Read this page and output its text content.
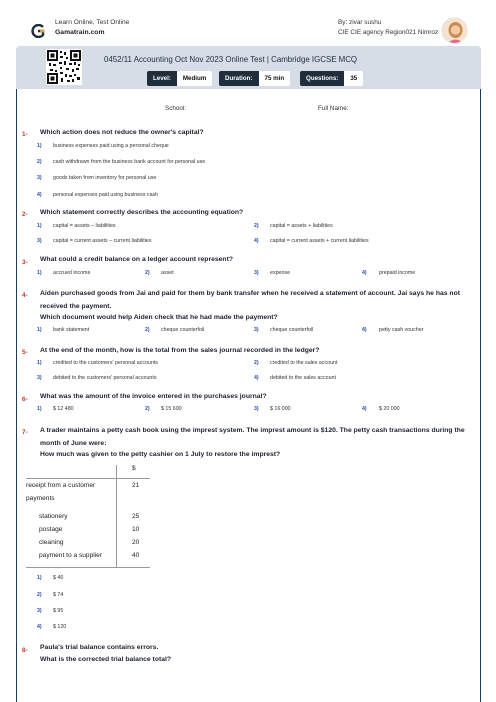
Learn Online, Test Online
Gamatrain.com
By: zivar sushu
CIE CIE agency Region021 Nimroz
0452/11 Accounting Oct Nov 2023 Online Test | Cambridge IGCSE MCQ
Level:	Medium	Duration:	75 min	Questions:	35
School:	Full Name:
1- Which action does not reduce the owner's capital?
1) business expenses paid using a personal cheque
2) cash withdrawn from the business bank account for personal use
3) goods taken from inventory for personal use
4) personal expenses paid using business cash
2- Which statement correctly describes the accounting equation?
1) capital = assets – liabilities	2) capital = assets + liabilities
3) capital = current assets – current liabilities	4) capital = current assets + current liabilities
3- What could a credit balance on a ledger account represent?
1) accrued income	2) asset	3) expense	4) prepaid income
4- Aiden purchased goods from Jai and paid for them by bank transfer when he received a statement of account. Jai says he has not received the payment.
Which document would help Aiden check that he had made the payment?
1) bank statement	2) cheque counterfoil	3) cheque counterfoil	4) petty cash voucher
5- At the end of the month, how is the total from the sales journal recorded in the ledger?
1) credited to the customers' personal accounts	2) credited to the sales account
3) debited to the customers' personal accounts	4) debited to the sales account
6- What was the amount of the invoice entered in the purchases journal?
1) $ 12 480	2) $ 15 600	3) $ 16 000	4) $ 20 000
7- A trader maintains a petty cash book using the imprest system. The imprest amount is $120. The petty cash transactions during the month of June were:
How much was given to the petty cashier on 1 July to restore the imprest?
$
receipt from a customer	21
payments
stationery	25
postage	10
cleaning	20
payment to a supplier	40
1) $ 46
2) $ 74
3) $ 95
4) $ 120
8- Paula's trial balance contains errors.
What is the corrected trial balance total?
